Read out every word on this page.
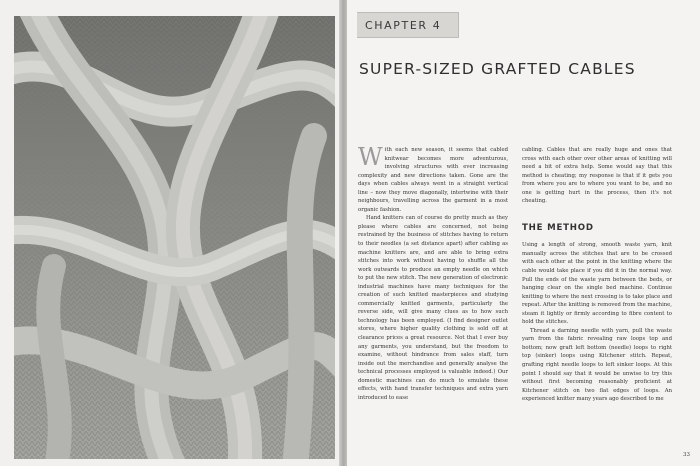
CHAPTER 4
SUPER-SIZED GRAFTED CABLES

With each new season, it seems that cabled knitwear becomes more adventurous, involving structures with ever increasing complexity and new directions taken. Gone are the days when cables always went in a straight vertical line – now they move diagonally, intertwine with their neighbours, travelling across the garment in a most organic fashion.

Hand knitters can of course do pretty much as they please where cables are concerned, not being restrained by the business of stitches having to return to their needles (a set distance apart) after cabling as machine knitters are, and are able to bring extra stitches into work without having to shuffle all the work outwards to produce an empty needle on which to put the new stitch. The new generation of electronic industrial machines have many techniques for the creation of such knitted masterpieces and studying commercially knitted garments, particularly the reverse side, will give many clues as to how such technology has been employed. (I find designer outlet stores, where higher quality clothing is sold off at clearance prices a great resource. Not that I ever buy any garments, you understand, but the freedom to examine, without hindrance from sales staff, turn inside out the merchandise and generally analyse the technical processes employed is valuable indeed.) Our domestic machines can do much to emulate these effects, with hand transfer techniques and extra yarn introduced to ease

cabling. Cables that are really huge and ones that cross with each other over other areas of knitting will need a bit of extra help. Some would say that this method is cheating; my response is that if it gets you from where you are to where you want to be, and no one is getting hurt in the process, then it's not cheating.

THE METHOD

Using a length of strong, smooth waste yarn, knit manually across the stitches that are to be crossed with each other at the point in the knitting where the cable would take place if you did it in the normal way. Pull the ends of the waste yarn between the beds, or hanging clear on the single bed machine. Continue knitting to where the next crossing is to take place and repeat. After the knitting is removed from the machine, steam it lightly or firmly according to fibre content to hold the stitches.

Thread a darning needle with yarn, pull the waste yarn from the fabric revealing raw loops top and bottom; now graft left bottom (needle) loops to right top (sinker) loops using Kitchener stitch. Repeat, grafting right needle loops to left sinker loops. At this point I should say that it would be unwise to try this without first becoming reasonably proficient at Kitchener stitch on two flat edges of loops. An experienced knitter many years ago described to me

33
